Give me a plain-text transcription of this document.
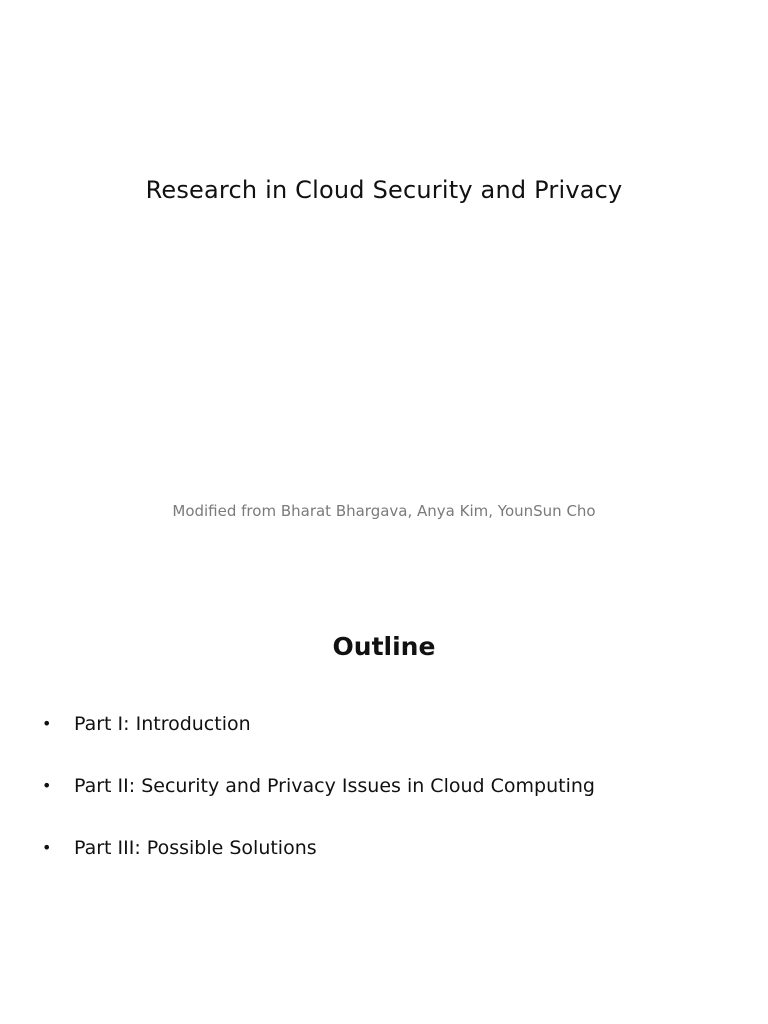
Research in Cloud Security and Privacy
Modified from Bharat Bhargava, Anya Kim, YounSun Cho
Outline
•	Part I: Introduction
•	Part II: Security and Privacy Issues in Cloud Computing
•	Part III: Possible Solutions
